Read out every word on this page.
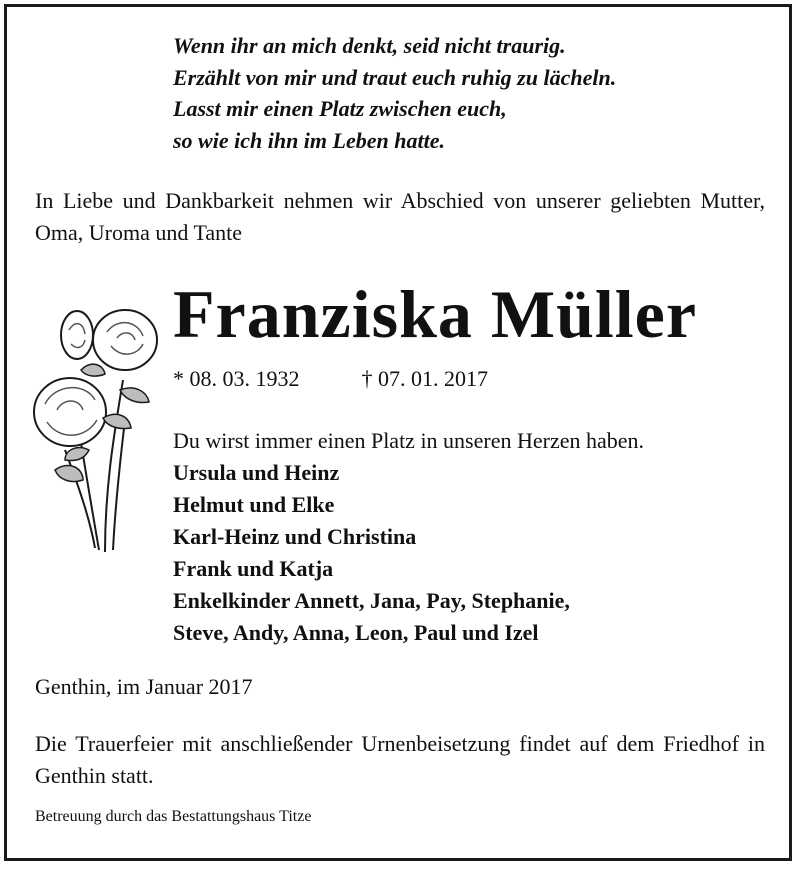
Wenn ihr an mich denkt, seid nicht traurig.
Erzählt von mir und traut euch ruhig zu lächeln.
Lasst mir einen Platz zwischen euch,
so wie ich ihn im Leben hatte.
In Liebe und Dankbarkeit nehmen wir Abschied von unserer geliebten Mutter, Oma, Uroma und Tante
Franziska Müller
* 08. 03. 1932	† 07. 01. 2017
Du wirst immer einen Platz in unseren Herzen haben.
Ursula und Heinz
Helmut und Elke
Karl-Heinz und Christina
Frank und Katja
Enkelkinder Annett, Jana, Pay, Stephanie,
Steve, Andy, Anna, Leon, Paul und Izel
Genthin, im Januar 2017
Die Trauerfeier mit anschließender Urnenbeisetzung findet auf dem Friedhof in Genthin statt.
Betreuung durch das Bestattungshaus Titze
